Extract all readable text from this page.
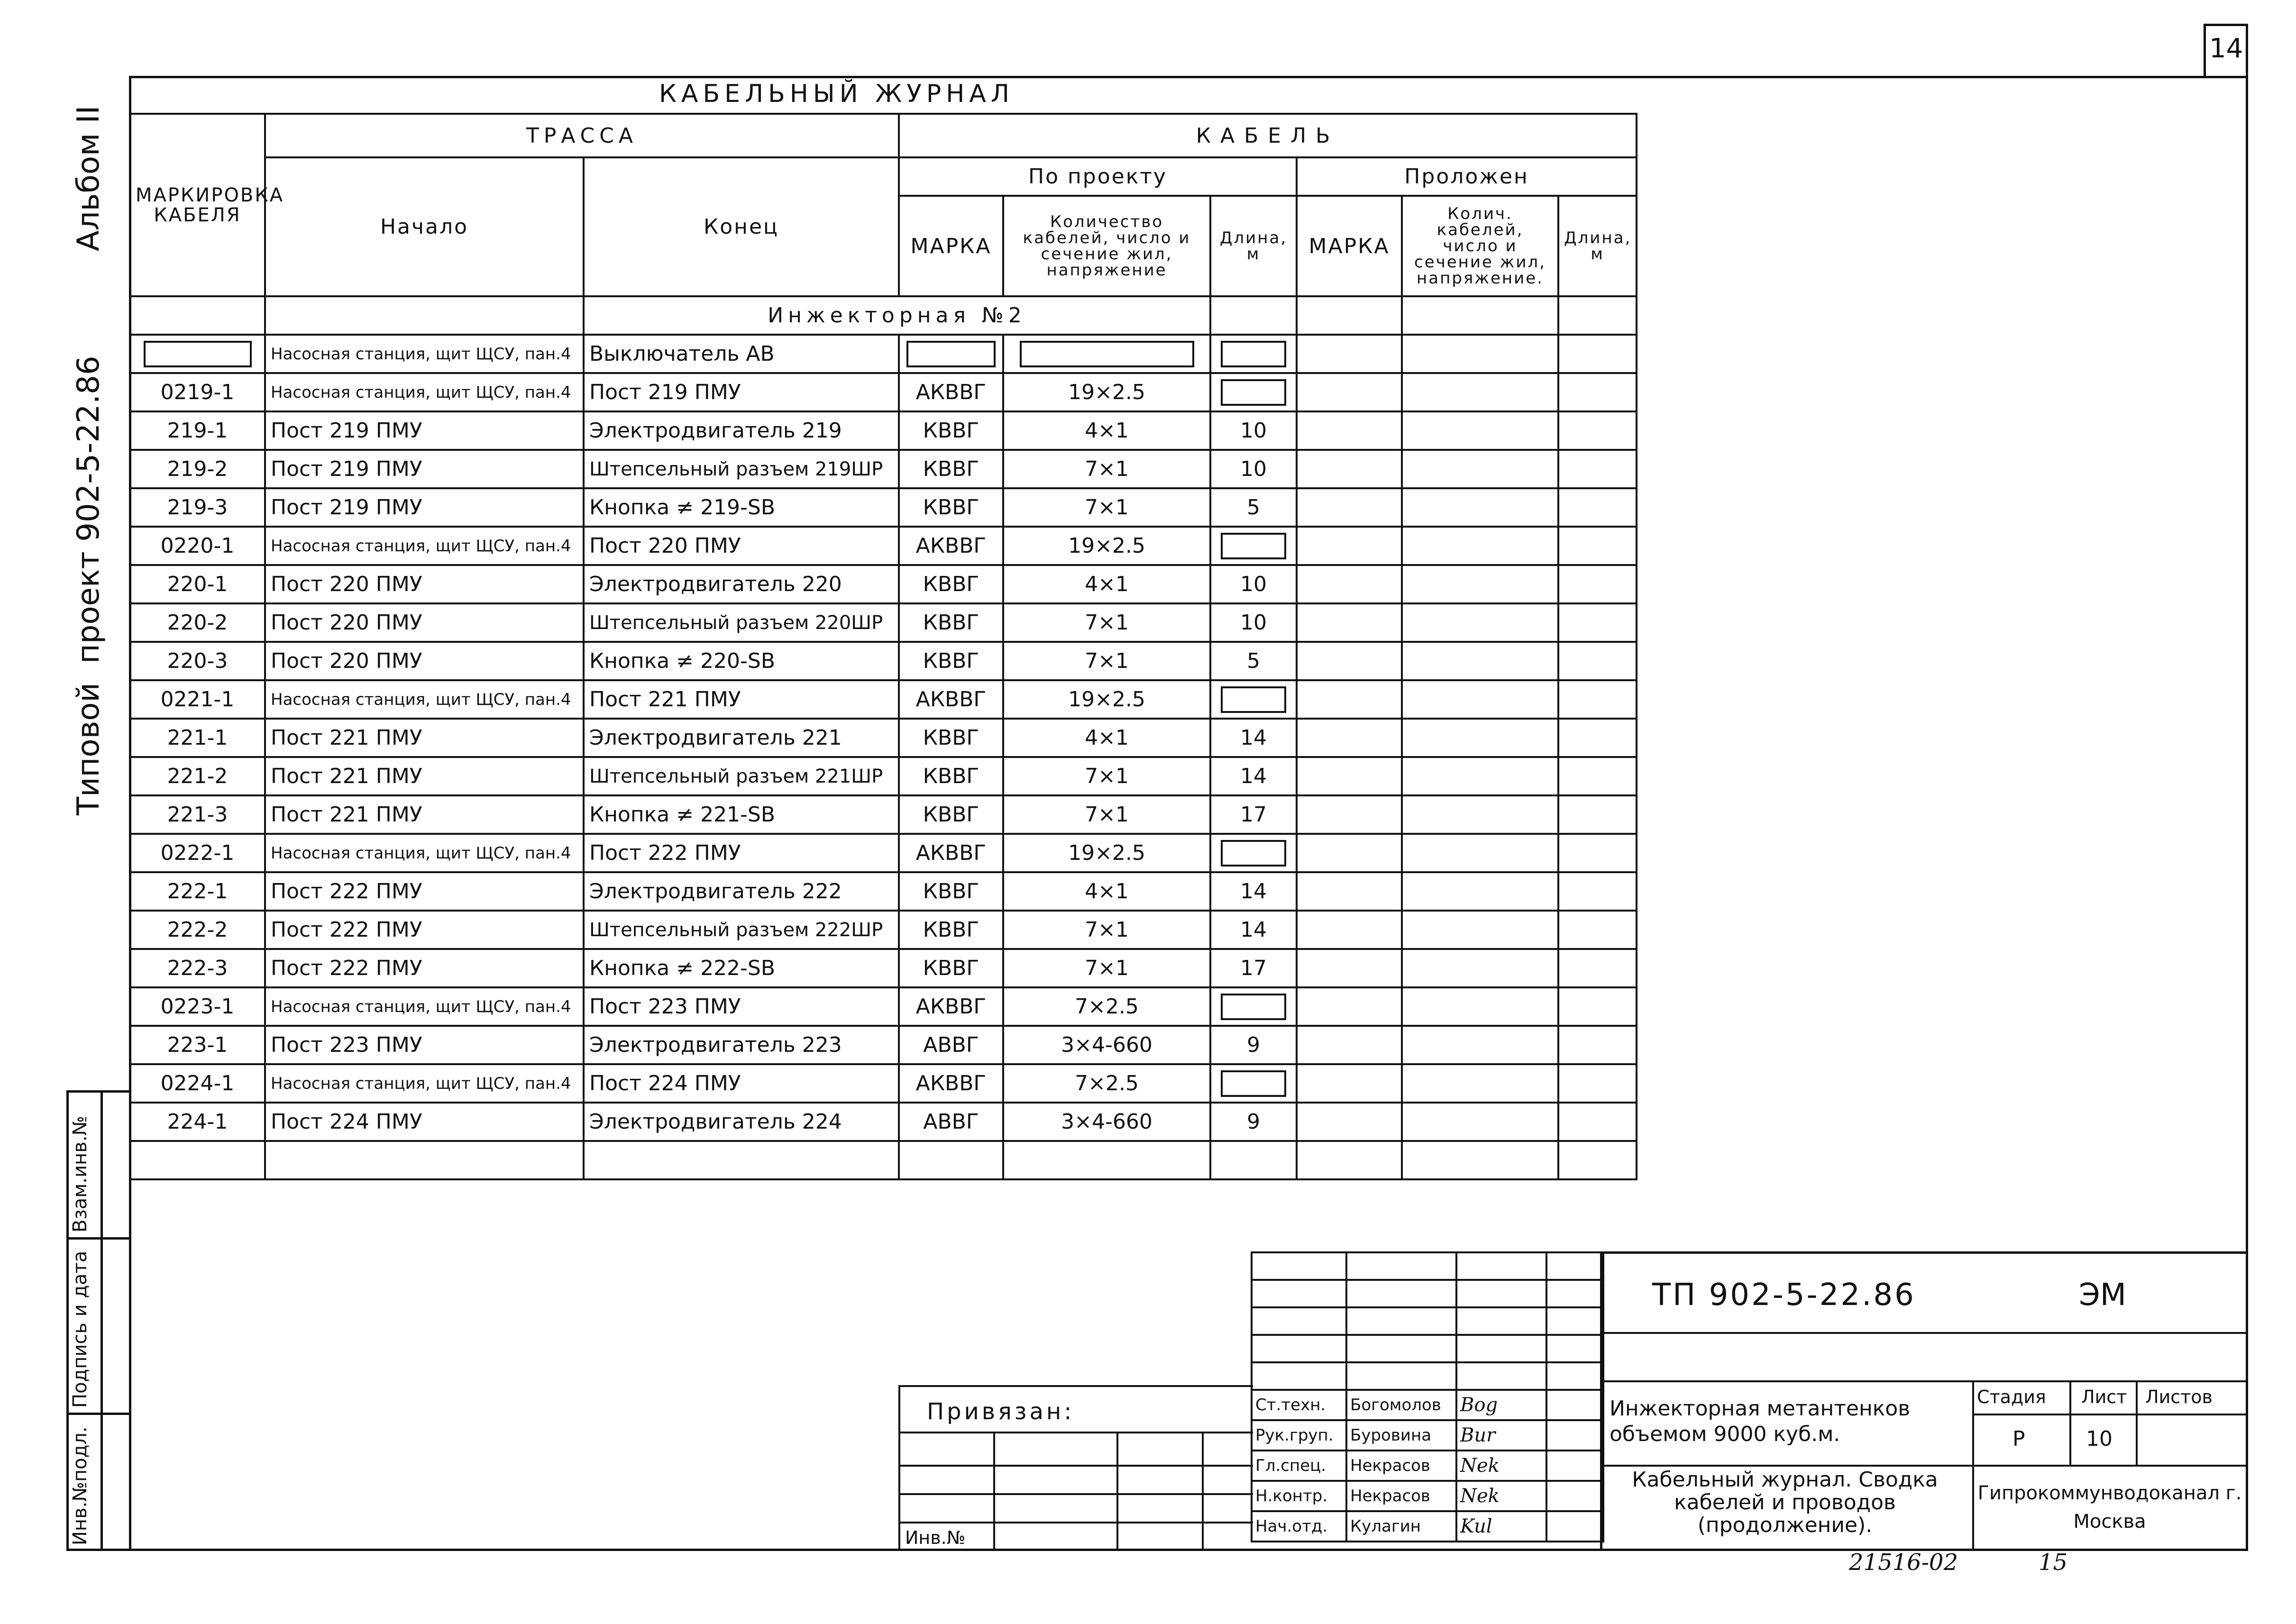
14
Альбом II
Типовой
проект 902-5-22.86
Взам.инв.№
Подпись и дата
Инв.№подл.
КАБЕЛЬНЫЙ ЖУРНАЛ
МАРКИРОВКА КАБЕЛЯ	ТРАССА		КАБЕЛЬ					
	Начало	Конец	По проекту			Проложен		
			МАРКА	Количество кабелей, число и сечение жил, напряжение	Длина, м	МАРКА	Колич. кабелей, число и сечение жил, напряжение.	Длина, м
		Инжекторная №2						
	Насосная станция, щит ЩСУ, пан.4	Выключатель АВ						
0219-1	Насосная станция, щит ЩСУ, пан.4	Пост 219 ПМУ	АКВВГ	19×2.5				
219-1	Пост 219 ПМУ	Электродвигатель 219	КВВГ	4×1	10			
219-2	Пост 219 ПМУ	Штепсельный разъем 219ШР	КВВГ	7×1	10			
219-3	Пост 219 ПМУ	Кнопка ≠ 219-SB	КВВГ	7×1	5			
0220-1	Насосная станция, щит ЩСУ, пан.4	Пост 220 ПМУ	АКВВГ	19×2.5				
220-1	Пост 220 ПМУ	Электродвигатель 220	КВВГ	4×1	10			
220-2	Пост 220 ПМУ	Штепсельный разъем 220ШР	КВВГ	7×1	10			
220-3	Пост 220 ПМУ	Кнопка ≠ 220-SB	КВВГ	7×1	5			
0221-1	Насосная станция, щит ЩСУ, пан.4	Пост 221 ПМУ	АКВВГ	19×2.5				
221-1	Пост 221 ПМУ	Электродвигатель 221	КВВГ	4×1	14			
221-2	Пост 221 ПМУ	Штепсельный разъем 221ШР	КВВГ	7×1	14			
221-3	Пост 221 ПМУ	Кнопка ≠ 221-SB	КВВГ	7×1	17			
0222-1	Насосная станция, щит ЩСУ, пан.4	Пост 222 ПМУ	АКВВГ	19×2.5				
222-1	Пост 222 ПМУ	Электродвигатель 222	КВВГ	4×1	14			
222-2	Пост 222 ПМУ	Штепсельный разъем 222ШР	КВВГ	7×1	14			
222-3	Пост 222 ПМУ	Кнопка ≠ 222-SB	КВВГ	7×1	17			
0223-1	Насосная станция, щит ЩСУ, пан.4	Пост 223 ПМУ	АКВВГ	7×2.5				
223-1	Пост 223 ПМУ	Электродвигатель 223	АВВГ	3×4-660	9			
0224-1	Насосная станция, щит ЩСУ, пан.4	Пост 224 ПМУ	АКВВГ	7×2.5				
224-1	Пост 224 ПМУ	Электродвигатель 224	АВВГ	3×4-660	9			

Ст.техн.	Богомолов	Bog	
Рук.груп.	Буровина	Bur	
Гл.спец.	Некрасов	Nek	
Н.контр.	Некрасов	Nek	
Нач.отд.	Кулагин	Kul	
Привязан:
Инв.№
ТП 902-5-22.86	ЭМ
Инжекторная метантенков объемом 9000 куб.м.
Кабельный журнал. Сводка кабелей и проводов (продолжение).
Стадия Лист Листов
Р	10
Гипрокоммунводоканал г. Москва
21516-02	15
